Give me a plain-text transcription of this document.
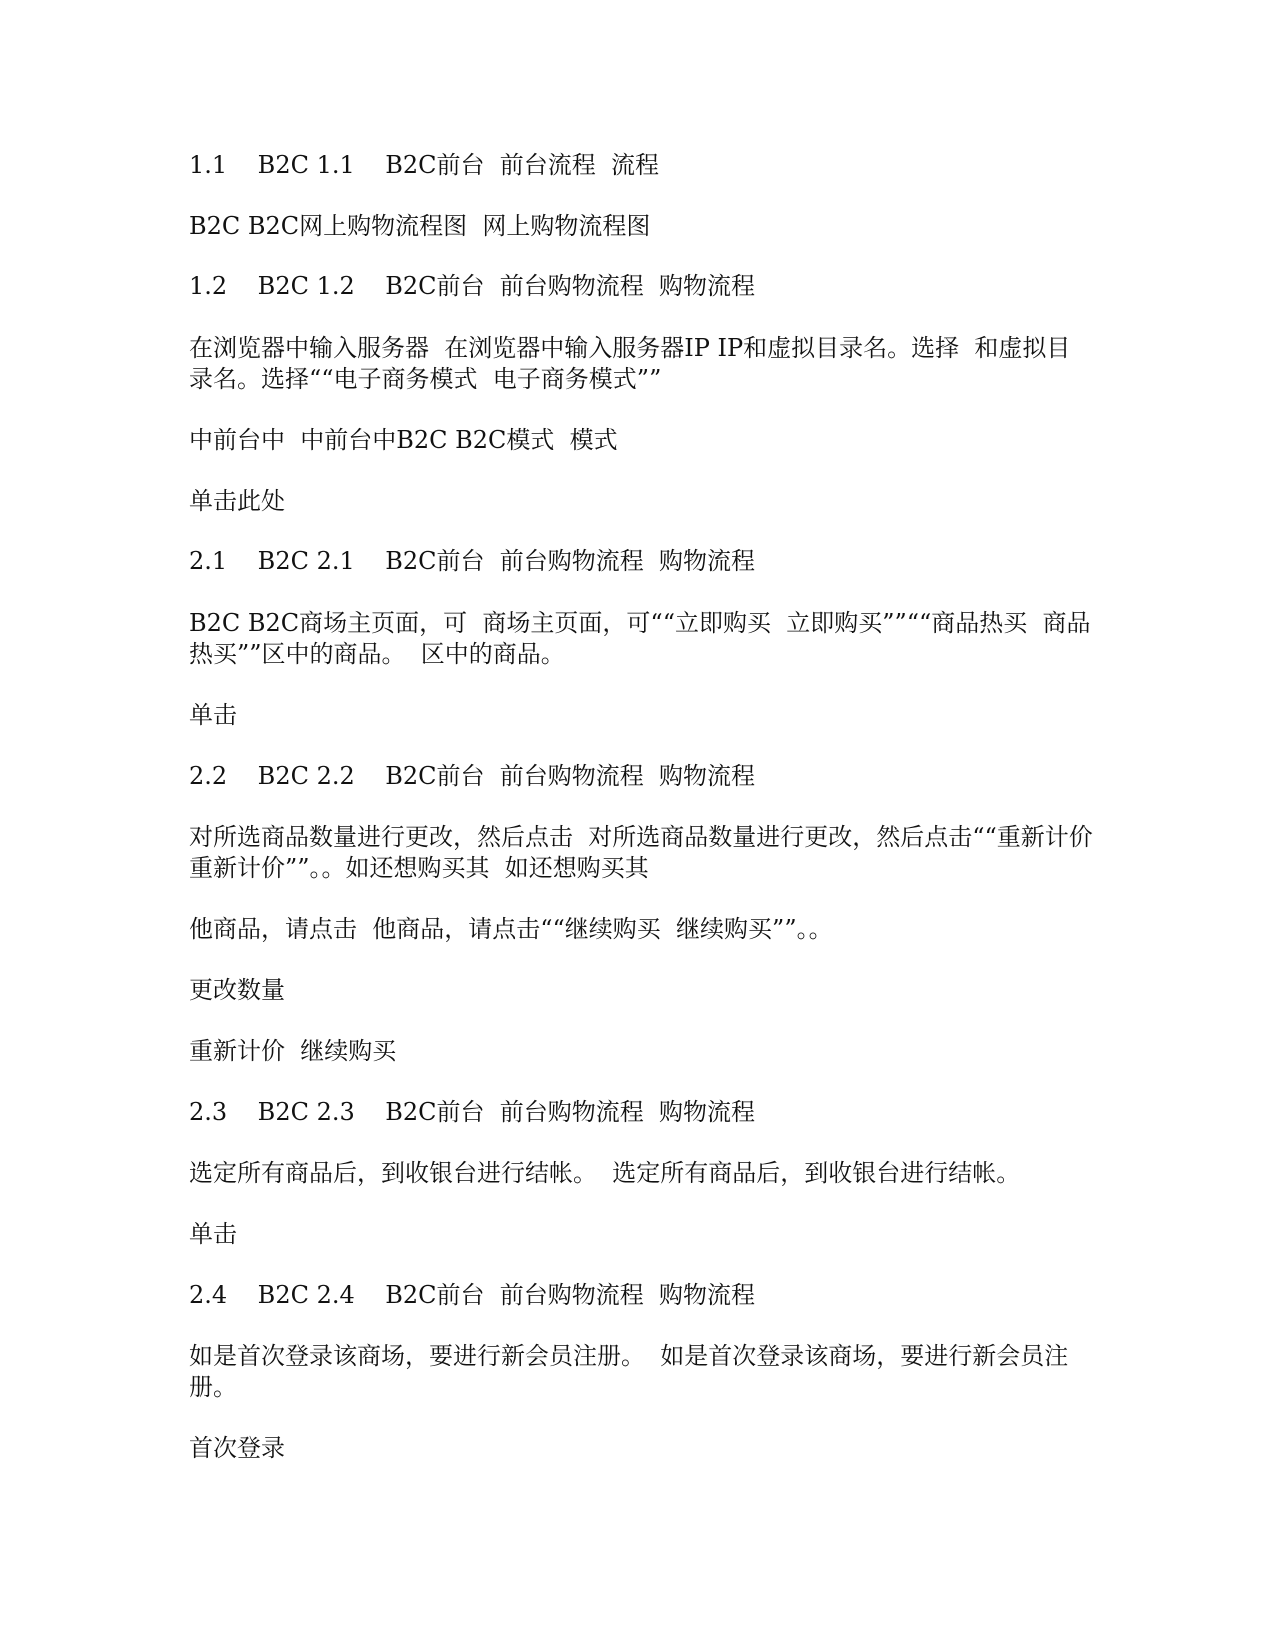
1.1    B2C 1.1    B2C前台  前台流程  流程

B2C B2C网上购物流程图  网上购物流程图

1.2    B2C 1.2    B2C前台  前台购物流程  购物流程

在浏览器中输入服务器  在浏览器中输入服务器IP IP和虚拟目录名。选择  和虚拟目录名。选择““电子商务模式  电子商务模式””

中前台中  中前台中B2C B2C模式  模式

单击此处

2.1    B2C 2.1    B2C前台  前台购物流程  购物流程

B2C B2C商场主页面，可  商场主页面，可““立即购买  立即购买””““商品热买  商品热买””区中的商品。  区中的商品。

单击

2.2    B2C 2.2    B2C前台  前台购物流程  购物流程

对所选商品数量进行更改，然后点击  对所选商品数量进行更改，然后点击““重新计价  重新计价””。。如还想购买其  如还想购买其

他商品，请点击  他商品，请点击““继续购买  继续购买””。。

更改数量

重新计价  继续购买

2.3    B2C 2.3    B2C前台  前台购物流程  购物流程

选定所有商品后，到收银台进行结帐。  选定所有商品后，到收银台进行结帐。

单击

2.4    B2C 2.4    B2C前台  前台购物流程  购物流程

如是首次登录该商场，要进行新会员注册。  如是首次登录该商场，要进行新会员注册。

首次登录
